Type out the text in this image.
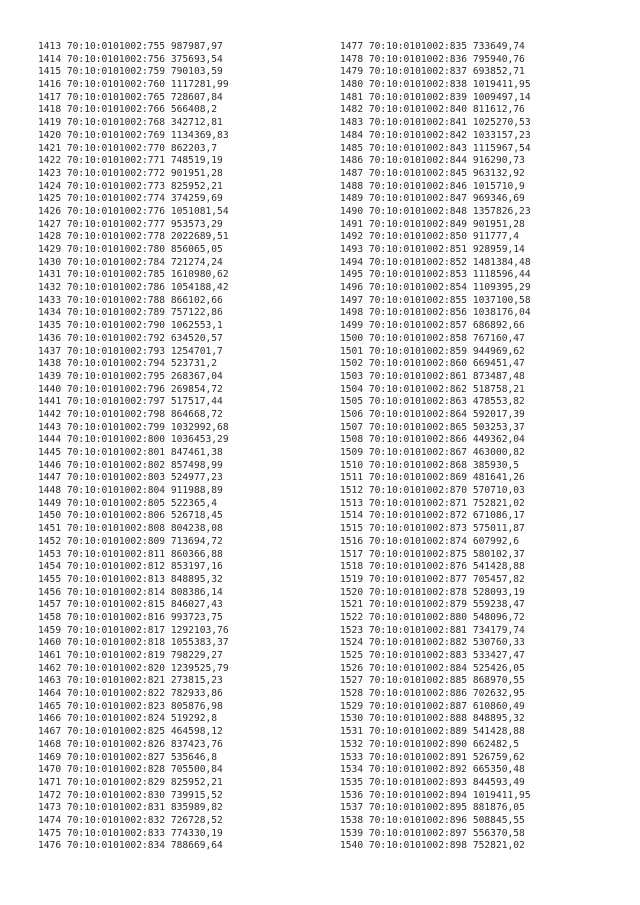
1413 70:10:0101002:755 987987,97
1414 70:10:0101002:756 375693,54
1415 70:10:0101002:759 790103,59
1416 70:10:0101002:760 1117281,99
1417 70:10:0101002:765 728607,84
1418 70:10:0101002:766 566408,2
1419 70:10:0101002:768 342712,81
1420 70:10:0101002:769 1134369,83
1421 70:10:0101002:770 862203,7
1422 70:10:0101002:771 748519,19
1423 70:10:0101002:772 901951,28
1424 70:10:0101002:773 825952,21
1425 70:10:0101002:774 374259,69
1426 70:10:0101002:776 1051081,54
1427 70:10:0101002:777 953573,29
1428 70:10:0101002:778 2022689,51
1429 70:10:0101002:780 856065,05
1430 70:10:0101002:784 721274,24
1431 70:10:0101002:785 1610980,62
1432 70:10:0101002:786 1054188,42
1433 70:10:0101002:788 866102,66
1434 70:10:0101002:789 757122,86
1435 70:10:0101002:790 1062553,1
1436 70:10:0101002:792 634520,57
1437 70:10:0101002:793 1254701,7
1438 70:10:0101002:794 523731,2
1439 70:10:0101002:795 268367,04
1440 70:10:0101002:796 269854,72
1441 70:10:0101002:797 517517,44
1442 70:10:0101002:798 864668,72
1443 70:10:0101002:799 1032992,68
1444 70:10:0101002:800 1036453,29
1445 70:10:0101002:801 847461,38
1446 70:10:0101002:802 857498,99
1447 70:10:0101002:803 524977,23
1448 70:10:0101002:804 911988,89
1449 70:10:0101002:805 522365,4
1450 70:10:0101002:806 526718,45
1451 70:10:0101002:808 804238,08
1452 70:10:0101002:809 713694,72
1453 70:10:0101002:811 860366,88
1454 70:10:0101002:812 853197,16
1455 70:10:0101002:813 848895,32
1456 70:10:0101002:814 808386,14
1457 70:10:0101002:815 846027,43
1458 70:10:0101002:816 993723,75
1459 70:10:0101002:817 1292103,76
1460 70:10:0101002:818 1055383,37
1461 70:10:0101002:819 798229,27
1462 70:10:0101002:820 1239525,79
1463 70:10:0101002:821 273815,23
1464 70:10:0101002:822 782933,86
1465 70:10:0101002:823 805876,98
1466 70:10:0101002:824 519292,8
1467 70:10:0101002:825 464598,12
1468 70:10:0101002:826 837423,76
1469 70:10:0101002:827 535646,8
1470 70:10:0101002:828 705500,84
1471 70:10:0101002:829 825952,21
1472 70:10:0101002:830 739915,52
1473 70:10:0101002:831 835989,82
1474 70:10:0101002:832 726728,52
1475 70:10:0101002:833 774330,19
1476 70:10:0101002:834 788669,64
1477 70:10:0101002:835 733649,74
1478 70:10:0101002:836 795940,76
1479 70:10:0101002:837 693852,71
1480 70:10:0101002:838 1019411,95
1481 70:10:0101002:839 1009497,14
1482 70:10:0101002:840 811612,76
1483 70:10:0101002:841 1025270,53
1484 70:10:0101002:842 1033157,23
1485 70:10:0101002:843 1115967,54
1486 70:10:0101002:844 916290,73
1487 70:10:0101002:845 963132,92
1488 70:10:0101002:846 1015710,9
1489 70:10:0101002:847 969346,69
1490 70:10:0101002:848 1357826,23
1491 70:10:0101002:849 901951,28
1492 70:10:0101002:850 911777,4
1493 70:10:0101002:851 928959,14
1494 70:10:0101002:852 1481384,48
1495 70:10:0101002:853 1118596,44
1496 70:10:0101002:854 1109395,29
1497 70:10:0101002:855 1037100,58
1498 70:10:0101002:856 1038176,04
1499 70:10:0101002:857 686892,66
1500 70:10:0101002:858 767160,47
1501 70:10:0101002:859 944969,62
1502 70:10:0101002:860 669451,47
1503 70:10:0101002:861 873487,48
1504 70:10:0101002:862 518758,21
1505 70:10:0101002:863 478553,82
1506 70:10:0101002:864 592017,39
1507 70:10:0101002:865 503253,37
1508 70:10:0101002:866 449362,04
1509 70:10:0101002:867 463000,82
1510 70:10:0101002:868 385930,5
1511 70:10:0101002:869 481641,26
1512 70:10:0101002:870 570710,03
1513 70:10:0101002:871 752821,02
1514 70:10:0101002:872 671086,17
1515 70:10:0101002:873 575011,87
1516 70:10:0101002:874 607992,6
1517 70:10:0101002:875 580102,37
1518 70:10:0101002:876 541428,88
1519 70:10:0101002:877 705457,82
1520 70:10:0101002:878 528093,19
1521 70:10:0101002:879 559238,47
1522 70:10:0101002:880 548096,72
1523 70:10:0101002:881 734179,74
1524 70:10:0101002:882 530760,33
1525 70:10:0101002:883 533427,47
1526 70:10:0101002:884 525426,05
1527 70:10:0101002:885 868970,55
1528 70:10:0101002:886 702632,95
1529 70:10:0101002:887 610860,49
1530 70:10:0101002:888 848895,32
1531 70:10:0101002:889 541428,88
1532 70:10:0101002:890 662482,5
1533 70:10:0101002:891 526759,62
1534 70:10:0101002:892 665350,48
1535 70:10:0101002:893 844593,49
1536 70:10:0101002:894 1019411,95
1537 70:10:0101002:895 881876,05
1538 70:10:0101002:896 508845,55
1539 70:10:0101002:897 556370,58
1540 70:10:0101002:898 752821,02
